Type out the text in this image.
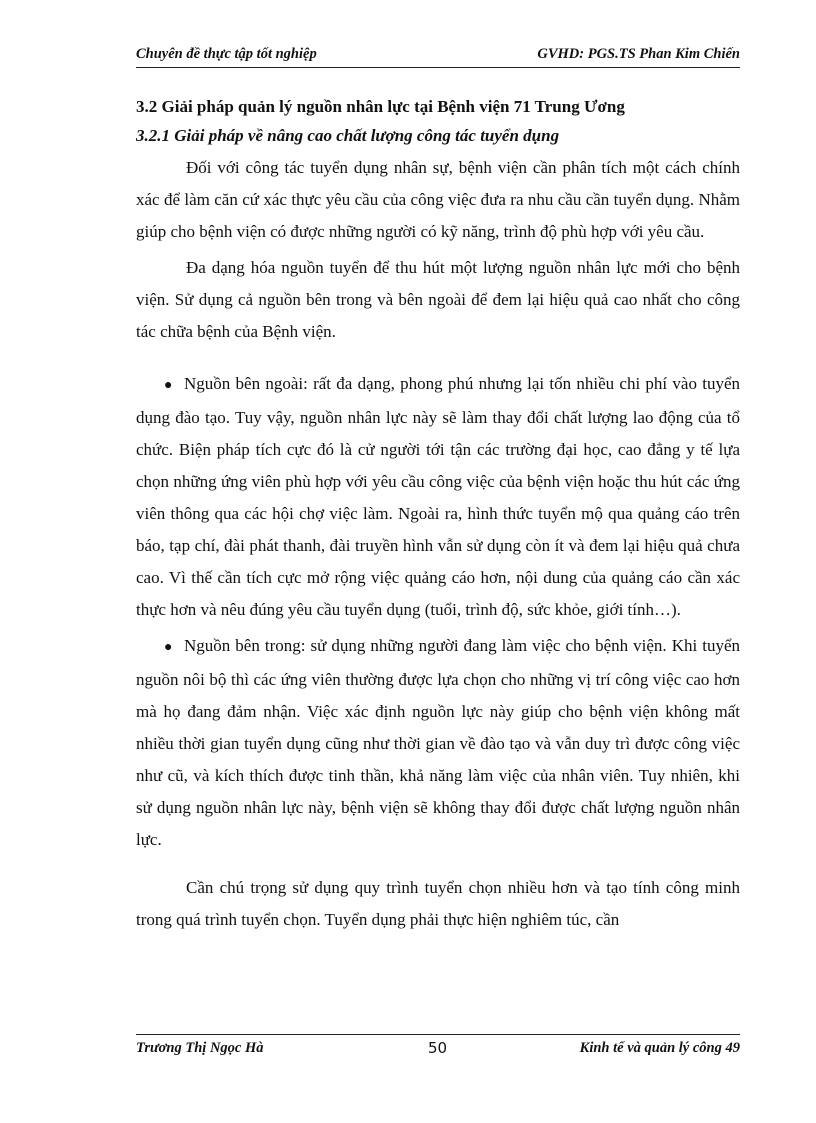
Chuyên đề thực tập tốt nghiệp	GVHD: PGS.TS Phan Kim Chiến
3.2 Giải pháp quản lý nguồn nhân lực tại Bệnh viện 71 Trung Ương
3.2.1 Giải pháp về nâng cao chất lượng công tác tuyển dụng

Đối với công tác tuyển dụng nhân sự, bệnh viện cần phân tích một cách chính xác để làm căn cứ xác thực yêu cầu của công việc đưa ra nhu cầu cần tuyển dụng. Nhằm giúp cho bệnh viện có được những người có kỹ năng, trình độ phù hợp với yêu cầu.

Đa dạng hóa nguồn tuyển để thu hút một lượng nguồn nhân lực mới cho bệnh viện. Sử dụng cả nguồn bên trong và bên ngoài để đem lại hiệu quả cao nhất cho công tác chữa bệnh của Bệnh viện.

● Nguồn bên ngoài: rất đa dạng, phong phú nhưng lại tốn nhiều chi phí vào tuyển dụng đào tạo. Tuy vậy, nguồn nhân lực này sẽ làm thay đổi chất lượng lao động của tổ chức. Biện pháp tích cực đó là cử người tới tận các trường đại học, cao đẳng y tế lựa chọn những ứng viên phù hợp với yêu cầu công việc của bệnh viện hoặc thu hút các ứng viên thông qua các hội chợ việc làm. Ngoài ra, hình thức tuyển mộ qua quảng cáo trên báo, tạp chí, đài phát thanh, đài truyền hình vẫn sử dụng còn ít và đem lại hiệu quả chưa cao. Vì thế cần tích cực mở rộng việc quảng cáo hơn, nội dung của quảng cáo cần xác thực hơn và nêu đúng yêu cầu tuyển dụng (tuổi, trình độ, sức khỏe, giới tính…).

● Nguồn bên trong: sử dụng những người đang làm việc cho bệnh viện. Khi tuyển nguồn nôi bộ thì các ứng viên thường được lựa chọn cho những vị trí công việc cao hơn mà họ đang đảm nhận. Việc xác định nguồn lực này giúp cho bệnh viện không mất nhiều thời gian tuyển dụng cũng như thời gian về đào tạo và vẫn duy trì được công việc như cũ, và kích thích được tinh thần, khả năng làm việc của nhân viên. Tuy nhiên, khi sử dụng nguồn nhân lực này, bệnh viện sẽ không thay đổi được chất lượng nguồn nhân lực.

Cần chú trọng sử dụng quy trình tuyển chọn nhiều hơn và tạo tính công minh trong quá trình tuyển chọn. Tuyển dụng phải thực hiện nghiêm túc, cần

Trương Thị Ngọc Hà	50	Kinh tế và quản lý công 49
